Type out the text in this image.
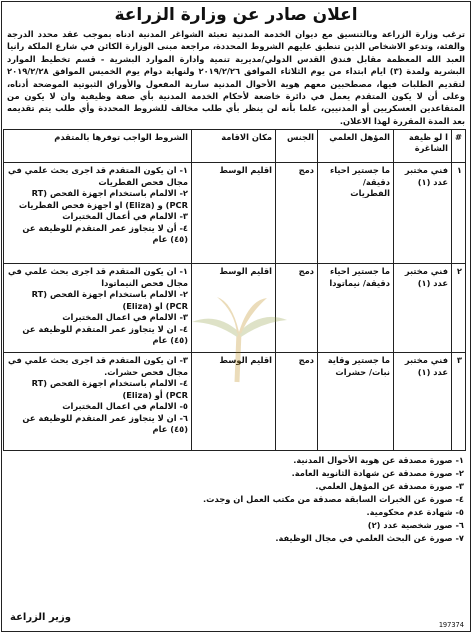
اعلان صادر عن وزارة الزراعة
ترغب وزارة الزراعة وبالتنسيق مع ديوان الخدمة المدنية تعبئة الشواغر المدنية ادناه بموجب عقد محدد الدرجة والفئة، وتدعو الاشخاص الذين تنطبق عليهم الشروط المحددة، مراجعة مبنى الوزارة الكائن في شارع الملكة رانيا العبد الله المعظمة مقابل فندق القدس الدولي/مديرية تنمية وادارة الموارد البشرية - قسم تخطيط الموارد البشرية ولمدة (٣) ايام ابتداء من يوم الثلاثاء الموافق ٢٠١٩/٢/٢٦ ولنهاية دوام يوم الخميس الموافق ٢٠١٩/٢/٢٨ لتقديم الطلبات فيها، مصطحبين معهم هوية الأحوال المدنية سارية المفعول والأوراق الثبوتية الموضحة أدناه، وعلى أن لا يكون المتقدم يعمل في دائرة خاضعة لأحكام الخدمة المدنية بأي صفة وظيفية وان لا يكون من المتقاعدين العسكريين أو المدنيين، علما بأنه لن ينظر بأي طلب مخالف للشروط المحددة وأي طلب يتم تقديمه بعد المدة المقررة لهذا الاعلان.
#	ا لو ظيفة الشاغرة	المؤهل العلمي	الجنس	مكان الاقامة	الشروط الواجب توفرها بالمتقدم
١	فني مختبر عدد (١)	ما جستير احياء دقيقة/ الفطريات	دمج	اقليم الوسط	١- ان يكون المتقدم قد اجرى بحث علمي في مجال فحص الفطريات
٢- الالمام باستخدام اجهزة الفحص (RT PCR) و (Eliza) او اجهزة فحص الفطريات
٣- الالمام في أعمال المختبرات
٤- أن لا يتجاوز عمر المتقدم للوظيفة عن (٤٥) عام

٢	فني مختبر عدد (١)	ما جستير احياء دقيقة/ نيماتودا	دمج	اقليم الوسط	١- ان يكون المتقدم قد اجرى بحث علمي في مجال فحص النيماتودا
٢- الالمام باستخدام اجهزة الفحص (RT PCR) او (Eliza)
٣- الالمام في اعمال المختبرات
٤- ان لا يتجاوز عمر المتقدم للوظيفة عن (٤٥) عام

٣	فني مختبر عدد (١)	ما جستير وقاية نبات/ حشرات	دمج	اقليم الوسط	٣- ان يكون المتقدم قد اجرى بحث علمي في مجال فحص حشرات.
٤- الالمام باستخدام اجهزة الفحص (RT PCR) أو (Eliza)
٥- الالمام في اعمال المختبرات
٦- ان لا يتجاوز عمر المتقدم للوظيفة عن (٤٥) عام
١- صورة مصدقة عن هوية الأحوال المدنية.
٢- صورة مصدقة عن شهادة الثانوية العامة.
٣- صورة مصدقة عن المؤهل العلمي.
٤- صورة عن الخبرات السابقة مصدقة من مكتب العمل ان وجدت.
٥- شهادة عدم محكومية.
٦- صور شخصية عدد (٢)
٧- صورة عن البحث العلمي في مجال الوظيفة.
وزير الزراعة
197374
